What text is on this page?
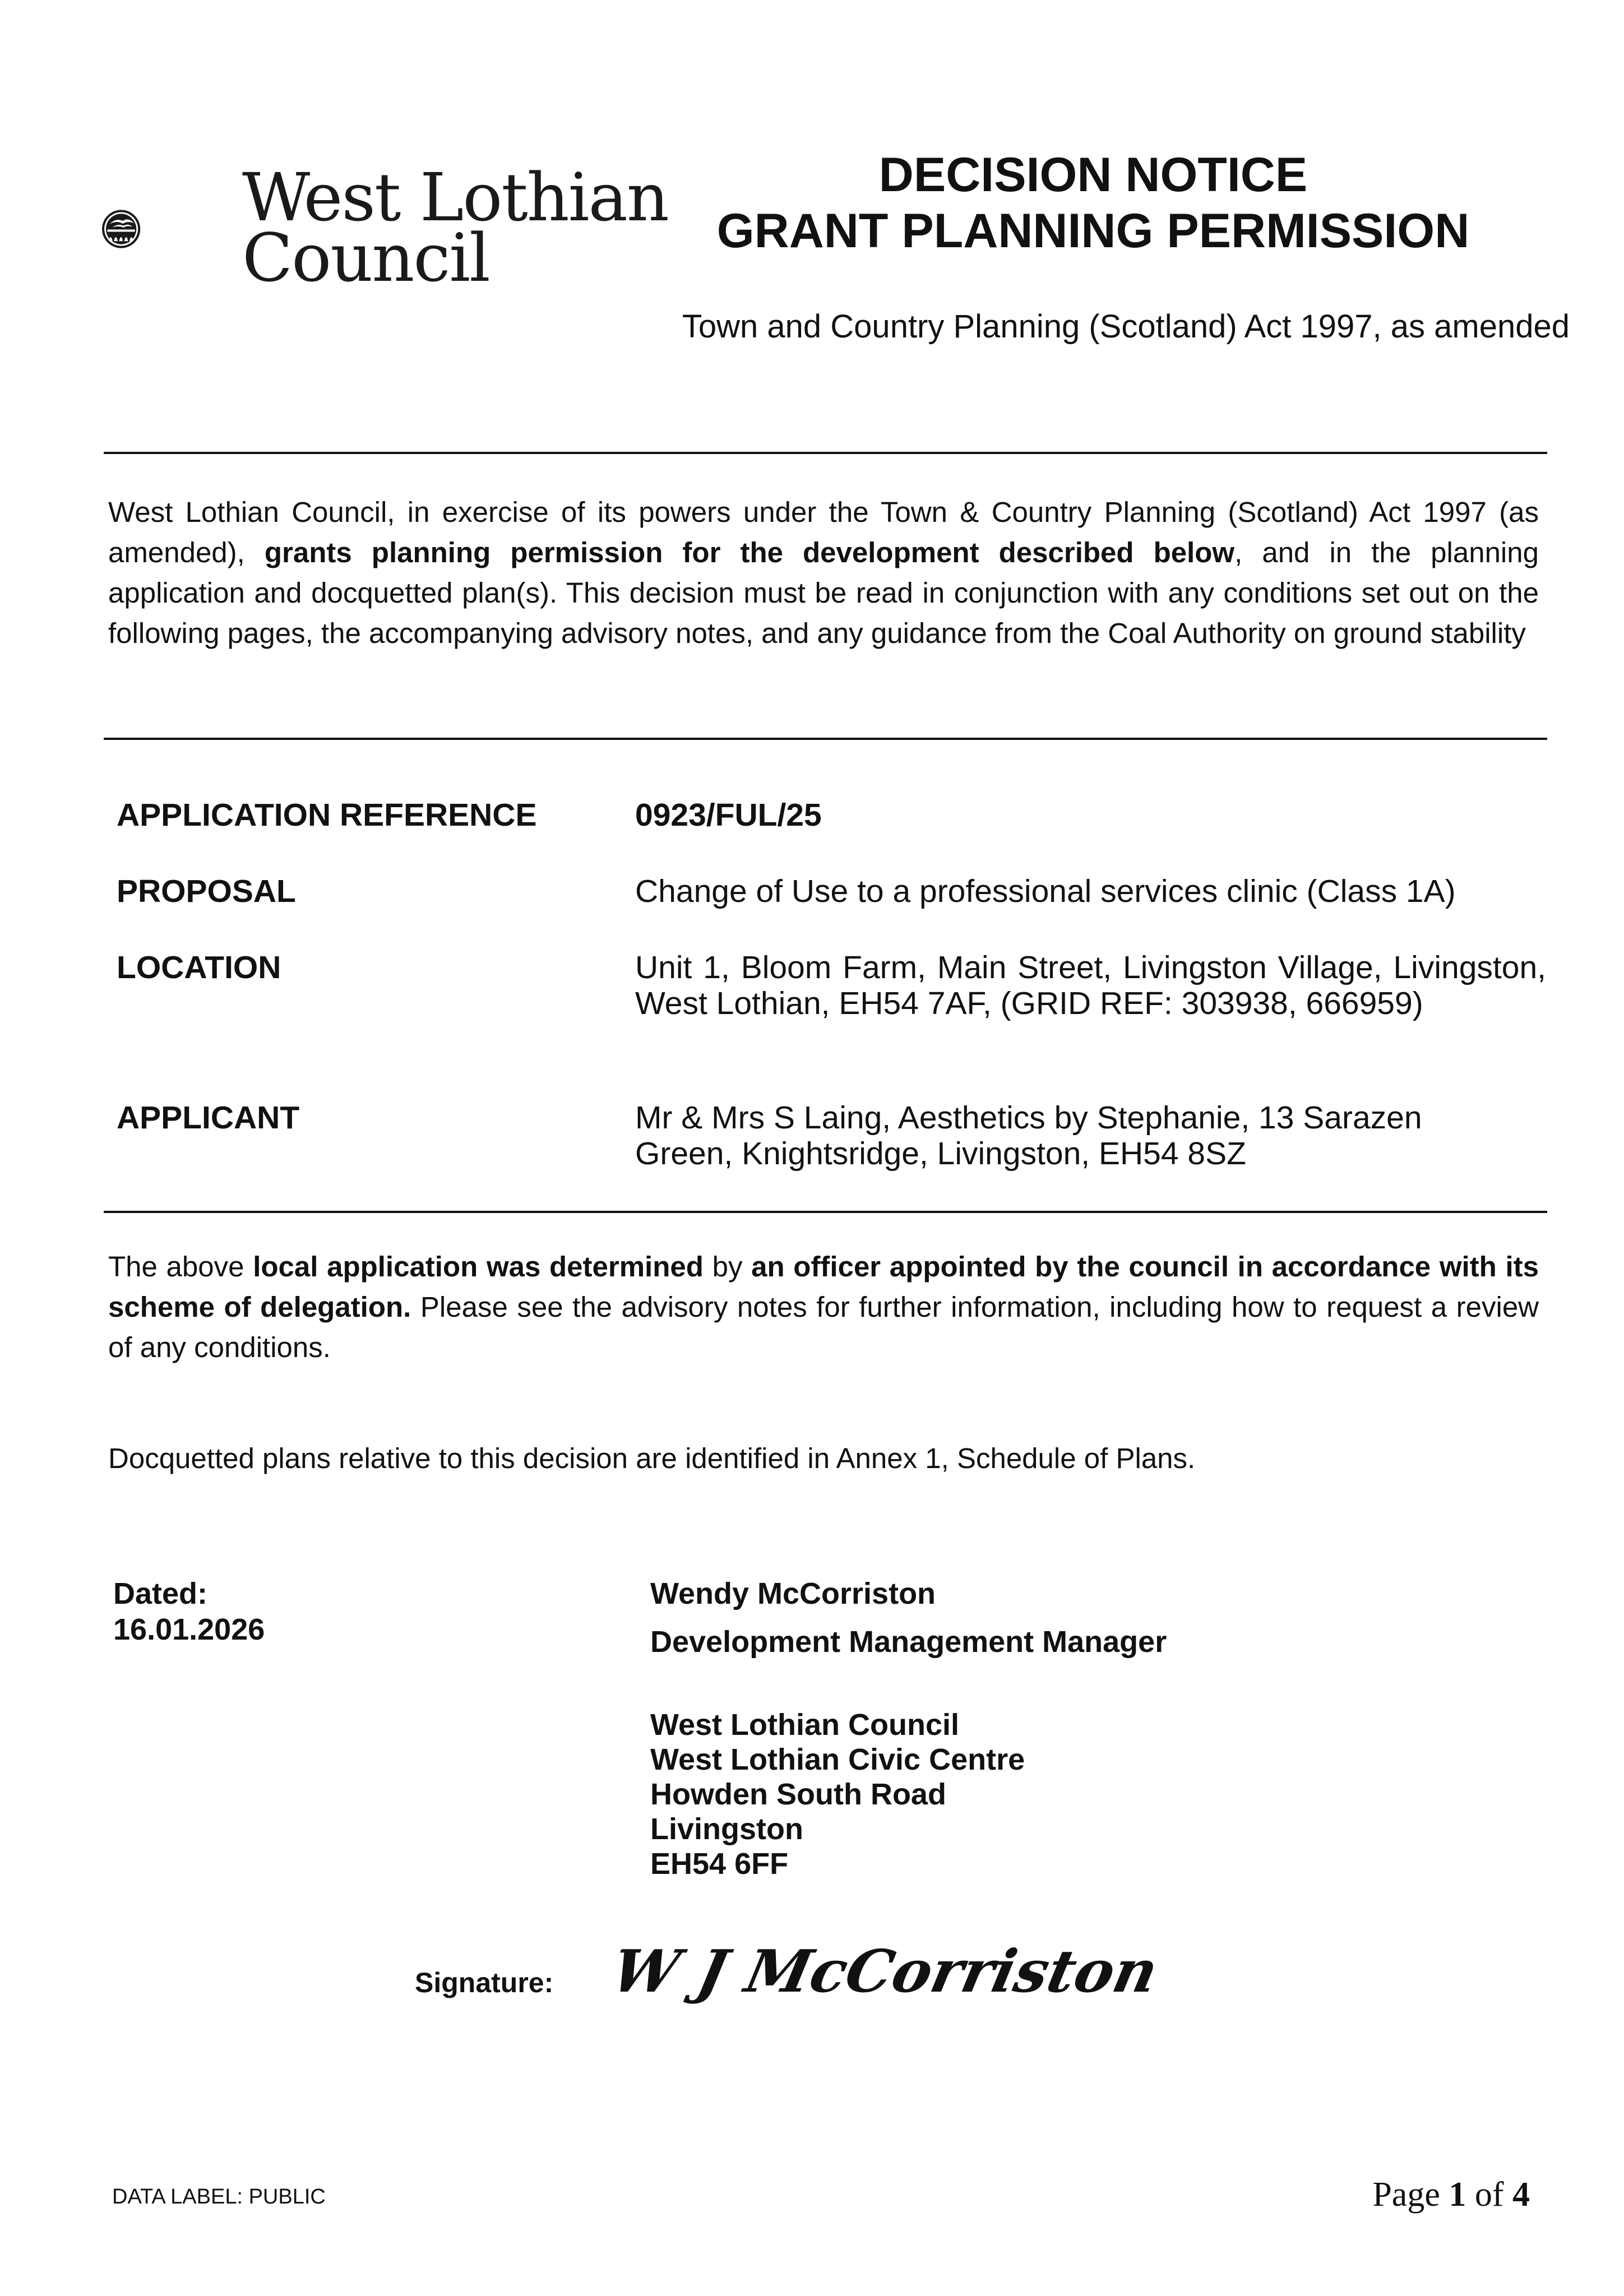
West Lothian
Council
DECISION NOTICE
GRANT PLANNING PERMISSION
Town and Country Planning (Scotland) Act 1997, as amended
West Lothian Council, in exercise of its powers under the Town & Country Planning (Scotland) Act 1997 (as amended), grants planning permission for the development described below, and in the planning application and docquetted plan(s). This decision must be read in conjunction with any conditions set out on the following pages, the accompanying advisory notes, and any guidance from the Coal Authority on ground stability
APPLICATION REFERENCE	0923/FUL/25
PROPOSAL	Change of Use to a professional services clinic (Class 1A)
LOCATION	Unit 1, Bloom Farm, Main Street, Livingston Village, Livingston, West Lothian, EH54 7AF, (GRID REF: 303938, 666959)
APPLICANT	Mr & Mrs S Laing, Aesthetics by Stephanie, 13 Sarazen
Green, Knightsridge, Livingston, EH54 8SZ
The above local application was determined by an officer appointed by the council in accordance with its scheme of delegation. Please see the advisory notes for further information, including how to request a review of any conditions.
Docquetted plans relative to this decision are identified in Annex 1, Schedule of Plans.
Dated:
16.01.2026
Wendy McCorriston
Development Management Manager
West Lothian Council
West Lothian Civic Centre
Howden South Road
Livingston
EH54 6FF
Signature: W J McCorriston
DATA LABEL: PUBLIC	Page 1 of 4
